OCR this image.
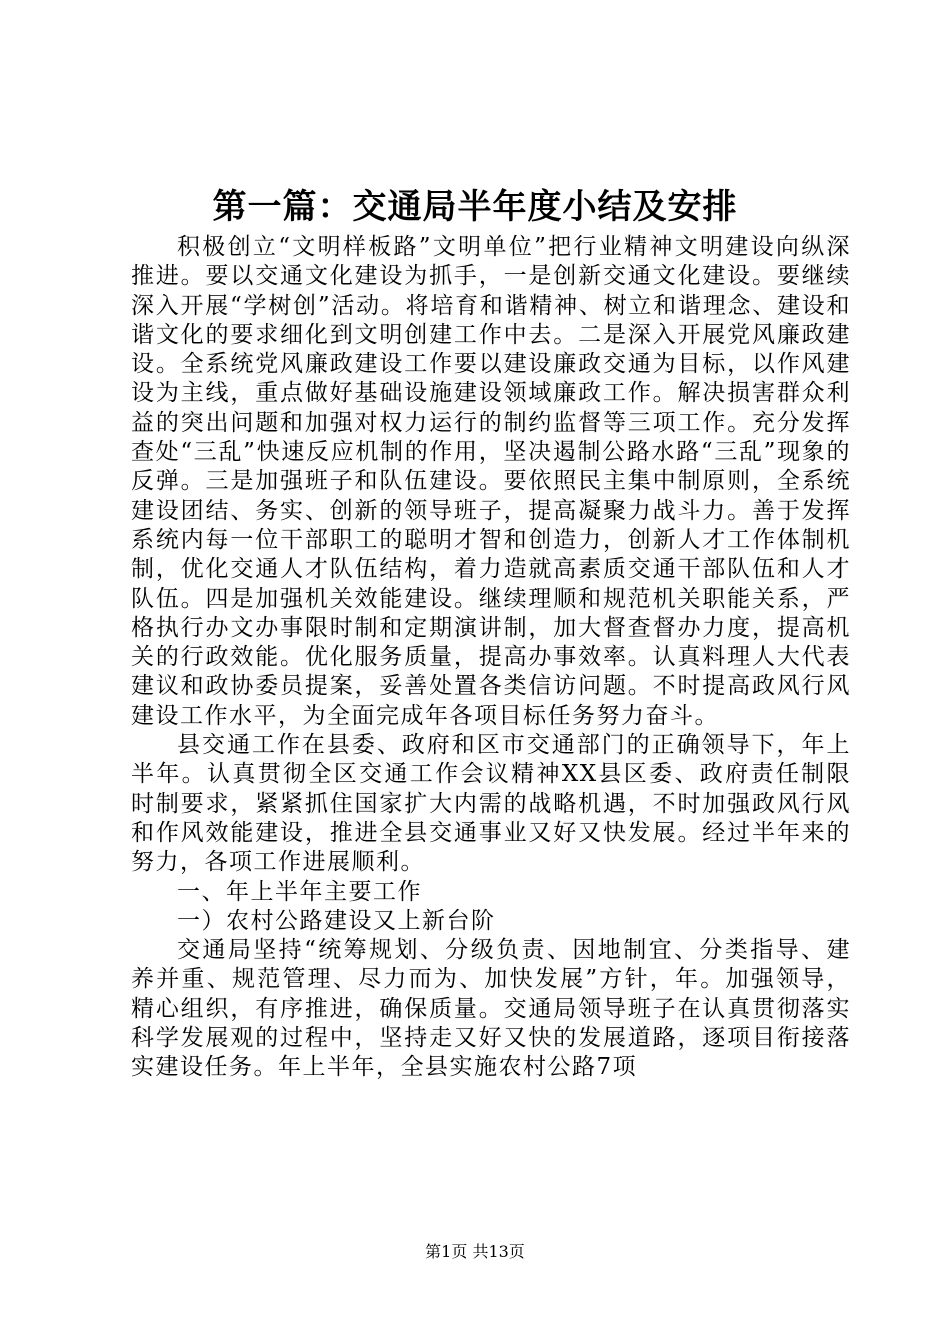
第一篇：交通局半年度小结及安排

积极创立“文明样板路”文明单位”把行业精神文明建设向纵深推进。要以交通文化建设为抓手，一是创新交通文化建设。要继续深入开展“学树创”活动。将培育和谐精神、树立和谐理念、建设和谐文化的要求细化到文明创建工作中去。二是深入开展党风廉政建设。全系统党风廉政建设工作要以建设廉政交通为目标，以作风建设为主线，重点做好基础设施建设领域廉政工作。解决损害群众利益的突出问题和加强对权力运行的制约监督等三项工作。充分发挥查处“三乱”快速反应机制的作用，坚决遏制公路水路“三乱”现象的反弹。三是加强班子和队伍建设。要依照民主集中制原则，全系统建设团结、务实、创新的领导班子，提高凝聚力战斗力。善于发挥系统内每一位干部职工的聪明才智和创造力，创新人才工作体制机制，优化交通人才队伍结构，着力造就高素质交通干部队伍和人才队伍。四是加强机关效能建设。继续理顺和规范机关职能关系，严格执行办文办事限时制和定期演讲制，加大督查督办力度，提高机关的行政效能。优化服务质量，提高办事效率。认真料理人大代表建议和政协委员提案，妥善处置各类信访问题。不时提高政风行风建设工作水平，为全面完成年各项目标任务努力奋斗。

县交通工作在县委、政府和区市交通部门的正确领导下，年上半年。认真贯彻全区交通工作会议精神XX县区委、政府责任制限时制要求，紧紧抓住国家扩大内需的战略机遇，不时加强政风行风和作风效能建设，推进全县交通事业又好又快发展。经过半年来的努力，各项工作进展顺利。

一、年上半年主要工作

一）农村公路建设又上新台阶

交通局坚持“统筹规划、分级负责、因地制宜、分类指导、建养并重、规范管理、尽力而为、加快发展”方针，年。加强领导，精心组织，有序推进，确保质量。交通局领导班子在认真贯彻落实科学发展观的过程中，坚持走又好又快的发展道路，逐项目衔接落实建设任务。年上半年，全县实施农村公路7项

第1页 共13页
